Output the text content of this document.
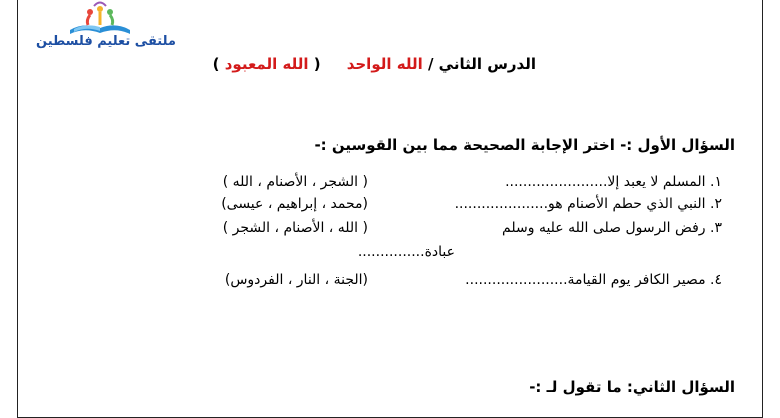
ملتقى تعليم فلسطين
الدرس الثاني / الله الواحد     ( الله المعبود )
السؤال الأول :- اختر الإجابة الصحيحة مما بين القوسين :-
١. المسلم لا يعبد إلا.......................
( الشجر ، الأصنام ، الله )
٢. النبي الذي حطم الأصنام هو.....................
(محمد ، إبراهيم ، عيسى)
٣. رفض الرسول صلى الله عليه وسلم
عبادة...............
( الله ، الأصنام ، الشجر )
٤. مصير الكافر يوم القيامة.......................
(الجنة ، النار ، الفردوس)
السؤال الثاني: ما تقول لـ :-
